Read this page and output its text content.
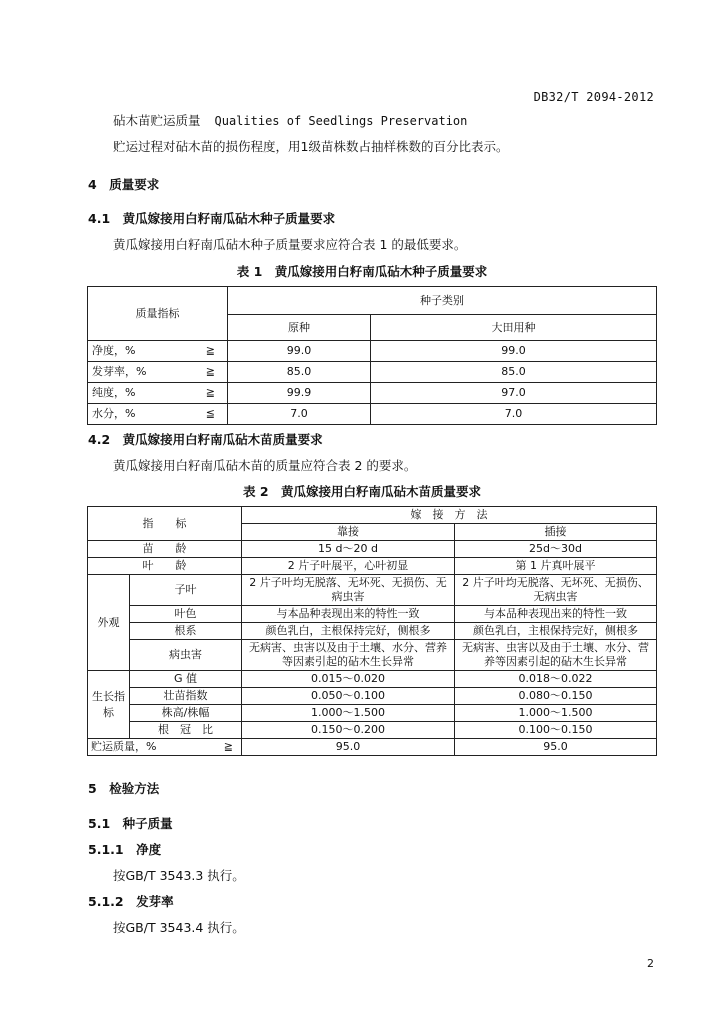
DB32/T 2094-2012
砧木苗贮运质量 Qualities of Seedlings Preservation
贮运过程对砧木苗的损伤程度，用1级苗株数占抽样株数的百分比表示。
4　质量要求
4.1　黄瓜嫁接用白籽南瓜砧木种子质量要求
黄瓜嫁接用白籽南瓜砧木种子质量要求应符合表 1 的最低要求。
表 1　黄瓜嫁接用白籽南瓜砧木种子质量要求
质量指标		种子类别	
		原种	大田用种
净度，%	≧	99.0	99.0
发芽率，%	≧	85.0	85.0
纯度，%	≧	99.9	97.0
水分，%	≦	7.0	7.0
4.2　黄瓜嫁接用白籽南瓜砧木苗质量要求
黄瓜嫁接用白籽南瓜砧木苗的质量应符合表 2 的要求。
表 2　黄瓜嫁接用白籽南瓜砧木苗质量要求
指　　标			嫁　接　方　法	
			靠接	插接
苗　　龄			15 d～20 d	25d～30d
叶　　龄			2 片子叶展平，心叶初显	第 1 片真叶展平
外观	子叶		2 片子叶均无脱落、无坏死、无损伤、无病虫害	2 片子叶均无脱落、无坏死、无损伤、无病虫害
	叶色		与本品种表现出来的特性一致	与本品种表现出来的特性一致
	根系		颜色乳白，主根保持完好，侧根多	颜色乳白，主根保持完好，侧根多
	病虫害		无病害、虫害以及由于土壤、水分、营养等因素引起的砧木生长异常	无病害、虫害以及由于土壤、水分、营养等因素引起的砧木生长异常
生长指标	G 值		0.015～0.020	0.018～0.022
	壮苗指数		0.050～0.100	0.080～0.150
	株高/株幅		1.000～1.500	1.000～1.500
	根　冠　比		0.150～0.200	0.100～0.150
贮运质量，%		≧	95.0	95.0
5　检验方法
5.1　种子质量
5.1.1　净度
按GB/T 3543.3 执行。
5.1.2　发芽率
按GB/T 3543.4 执行。
2
